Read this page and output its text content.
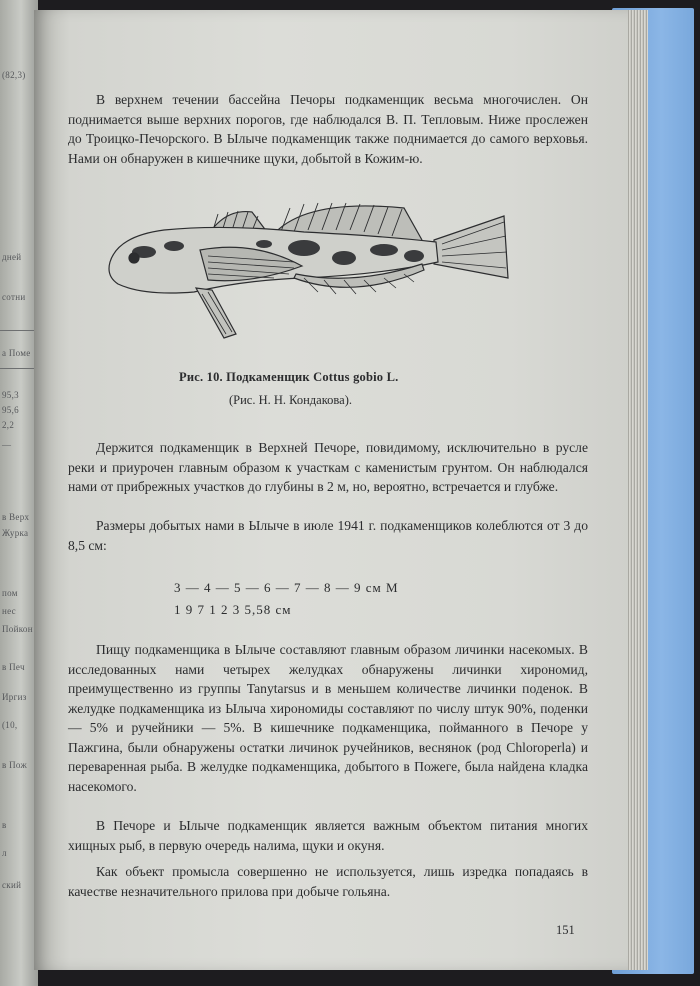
(82,3)
дней
сотни
а Поме
95,3
95,6
2,2
—
в Верх
Журка
пом
нес
Пойкон
в Печ
Иргиз
(10,
в Пож
в
л
ский

В верхнем течении бассейна Печоры подкаменщик весьма многочислен. Он поднимается выше верхних порогов, где наблюдался В. П. Тепловым. Ниже прослежен до Троицко-Печорского. В Ылыче подкаменщик также поднимается до самого верховья. Нами он обнаружен в кишечнике щуки, добытой в Кожим-ю.

Рис. 10. Подкаменщик Cottus gobio L.
(Рис. Н. Н. Кондакова).

Держится подкаменщик в Верхней Печоре, повидимому, исключительно в русле реки и приурочен главным образом к участкам с каменистым грунтом. Он наблюдался нами от прибрежных участков до глубины в 2 м, но, вероятно, встречается и глубже.

Размеры добытых нами в Ылыче в июле 1941 г. подкаменщиков колеблются от 3 до 8,5 см:

3 — 4 — 5 — 6 — 7 — 8 — 9 см M
1 9 7 1 2 3 5,58 см

Пищу подкаменщика в Ылыче составляют главным образом личинки насекомых. В исследованных нами четырех желудках обнаружены личинки хирономид, преимущественно из группы Tanytarsus и в меньшем количестве личинки поденок. В желудке подкаменщика из Ылыча хирономиды составляют по числу штук 90%, поденки — 5% и ручейники — 5%. В кишечнике подкаменщика, пойманного в Печоре у Пажгина, были обнаружены остатки личинок ручейников, веснянок (род Chloroperla) и переваренная рыба. В желудке подкаменщика, добытого в Пожеге, была найдена кладка насекомого.

В Печоре и Ылыче подкаменщик является важным объектом питания многих хищных рыб, в первую очередь налима, щуки и окуня.

Как объект промысла совершенно не используется, лишь изредка попадаясь в качестве незначительного прилова при добыче гольяна.

151
